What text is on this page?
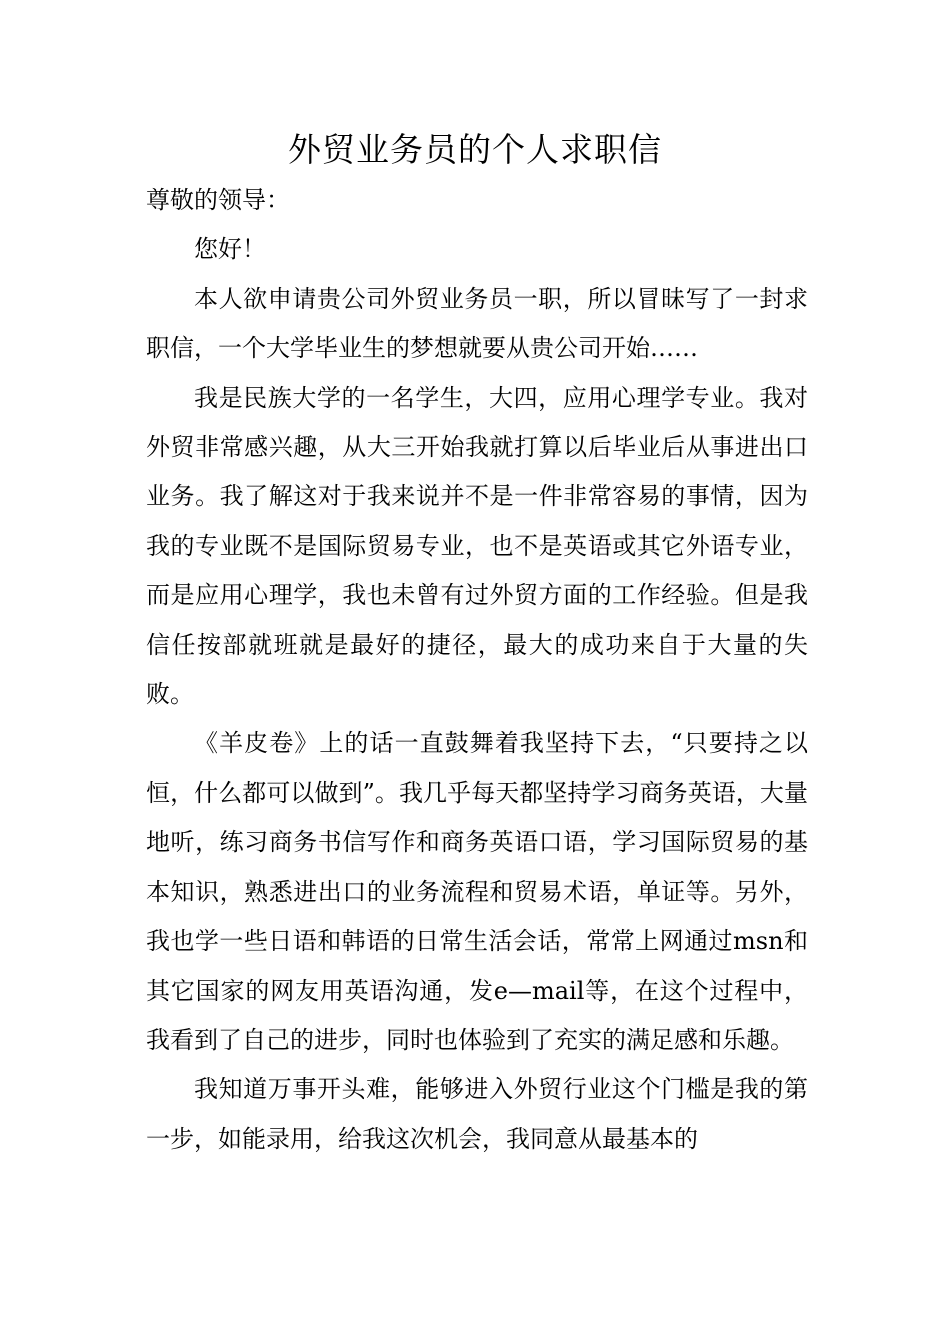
外贸业务员的个人求职信

尊敬的领导：

您好！

本人欲申请贵公司外贸业务员一职，所以冒昧写了一封求职信，一个大学毕业生的梦想就要从贵公司开始……

我是民族大学的一名学生，大四，应用心理学专业。我对外贸非常感兴趣，从大三开始我就打算以后毕业后从事进出口业务。我了解这对于我来说并不是一件非常容易的事情，因为我的专业既不是国际贸易专业，也不是英语或其它外语专业，而是应用心理学，我也未曾有过外贸方面的工作经验。但是我信任按部就班就是最好的捷径，最大的成功来自于大量的失败。

《羊皮卷》上的话一直鼓舞着我坚持下去，“只要持之以恒，什么都可以做到”。我几乎每天都坚持学习商务英语，大量地听，练习商务书信写作和商务英语口语，学习国际贸易的基本知识，熟悉进出口的业务流程和贸易术语，单证等。另外，我也学一些日语和韩语的日常生活会话，常常上网通过msn和其它国家的网友用英语沟通，发e—mail等，在这个过程中，我看到了自己的进步，同时也体验到了充实的满足感和乐趣。

我知道万事开头难，能够进入外贸行业这个门槛是我的第一步，如能录用，给我这次机会，我同意从最基本的
